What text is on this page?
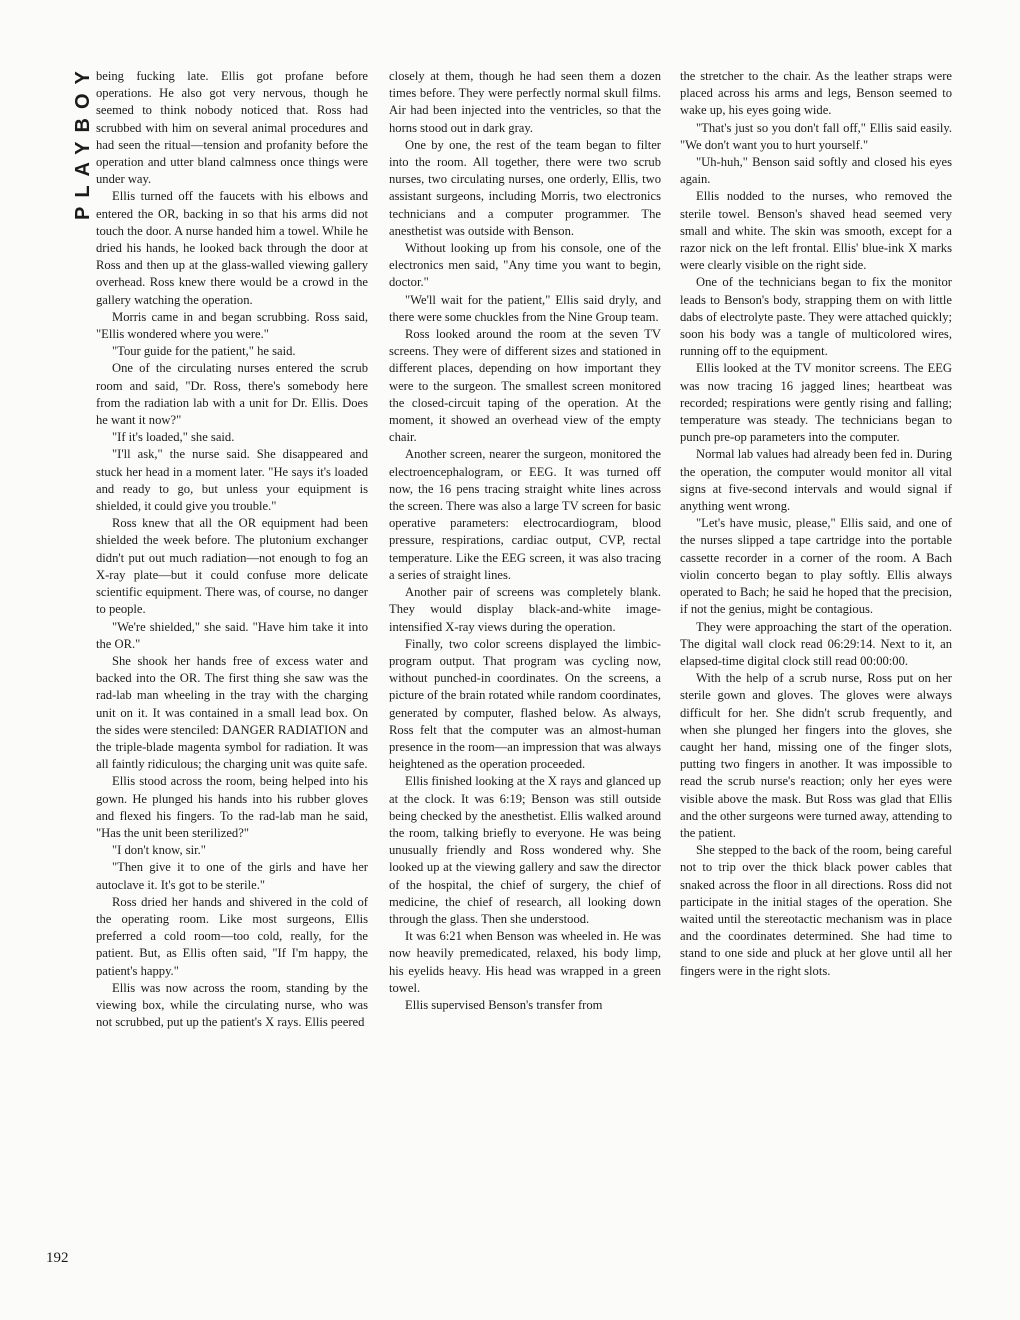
PLAYBOY
192

being fucking late. Ellis got profane before operations. He also got very nervous, though he seemed to think nobody noticed that. Ross had scrubbed with him on several animal procedures and had seen the ritual—tension and profanity before the operation and utter bland calmness once things were under way.

Ellis turned off the faucets with his elbows and entered the OR, backing in so that his arms did not touch the door. A nurse handed him a towel. While he dried his hands, he looked back through the door at Ross and then up at the glass-walled viewing gallery overhead. Ross knew there would be a crowd in the gallery watching the operation.

Morris came in and began scrubbing. Ross said, "Ellis wondered where you were."

"Tour guide for the patient," he said.

One of the circulating nurses entered the scrub room and said, "Dr. Ross, there's somebody here from the radiation lab with a unit for Dr. Ellis. Does he want it now?"

"If it's loaded," she said.

"I'll ask," the nurse said. She disappeared and stuck her head in a moment later. "He says it's loaded and ready to go, but unless your equipment is shielded, it could give you trouble."

Ross knew that all the OR equipment had been shielded the week before. The plutonium exchanger didn't put out much radiation—not enough to fog an X-ray plate—but it could confuse more delicate scientific equipment. There was, of course, no danger to people.

"We're shielded," she said. "Have him take it into the OR."

She shook her hands free of excess water and backed into the OR. The first thing she saw was the rad-lab man wheeling in the tray with the charging unit on it. It was contained in a small lead box. On the sides were stenciled: DANGER RADIATION and the triple-blade magenta symbol for radiation. It was all faintly ridiculous; the charging unit was quite safe.

Ellis stood across the room, being helped into his gown. He plunged his hands into his rubber gloves and flexed his fingers. To the rad-lab man he said, "Has the unit been sterilized?"

"I don't know, sir."

"Then give it to one of the girls and have her autoclave it. It's got to be sterile."

Ross dried her hands and shivered in the cold of the operating room. Like most surgeons, Ellis preferred a cold room—too cold, really, for the patient. But, as Ellis often said, "If I'm happy, the patient's happy."

Ellis was now across the room, standing by the viewing box, while the circulating nurse, who was not scrubbed, put up the patient's X rays. Ellis peered

closely at them, though he had seen them a dozen times before. They were perfectly normal skull films. Air had been injected into the ventricles, so that the horns stood out in dark gray.

One by one, the rest of the team began to filter into the room. All together, there were two scrub nurses, two circulating nurses, one orderly, Ellis, two assistant surgeons, including Morris, two electronics technicians and a computer programmer. The anesthetist was outside with Benson.

Without looking up from his console, one of the electronics men said, "Any time you want to begin, doctor."

"We'll wait for the patient," Ellis said dryly, and there were some chuckles from the Nine Group team.

Ross looked around the room at the seven TV screens. They were of different sizes and stationed in different places, depending on how important they were to the surgeon. The smallest screen monitored the closed-circuit taping of the operation. At the moment, it showed an overhead view of the empty chair.

Another screen, nearer the surgeon, monitored the electroencephalogram, or EEG. It was turned off now, the 16 pens tracing straight white lines across the screen. There was also a large TV screen for basic operative parameters: electrocardiogram, blood pressure, respirations, cardiac output, CVP, rectal temperature. Like the EEG screen, it was also tracing a series of straight lines.

Another pair of screens was completely blank. They would display black-and-white image-intensified X-ray views during the operation.

Finally, two color screens displayed the limbic-program output. That program was cycling now, without punched-in coordinates. On the screens, a picture of the brain rotated while random coordinates, generated by computer, flashed below. As always, Ross felt that the computer was an almost-human presence in the room—an impression that was always heightened as the operation proceeded.

Ellis finished looking at the X rays and glanced up at the clock. It was 6:19; Benson was still outside being checked by the anesthetist. Ellis walked around the room, talking briefly to everyone. He was being unusually friendly and Ross wondered why. She looked up at the viewing gallery and saw the director of the hospital, the chief of surgery, the chief of medicine, the chief of research, all looking down through the glass. Then she understood.

It was 6:21 when Benson was wheeled in. He was now heavily premedicated, relaxed, his body limp, his eyelids heavy. His head was wrapped in a green towel.

Ellis supervised Benson's transfer from

the stretcher to the chair. As the leather straps were placed across his arms and legs, Benson seemed to wake up, his eyes going wide.

"That's just so you don't fall off," Ellis said easily. "We don't want you to hurt yourself."

"Uh-huh," Benson said softly and closed his eyes again.

Ellis nodded to the nurses, who removed the sterile towel. Benson's shaved head seemed very small and white. The skin was smooth, except for a razor nick on the left frontal. Ellis' blue-ink X marks were clearly visible on the right side.

One of the technicians began to fix the monitor leads to Benson's body, strapping them on with little dabs of electrolyte paste. They were attached quickly; soon his body was a tangle of multicolored wires, running off to the equipment.

Ellis looked at the TV monitor screens. The EEG was now tracing 16 jagged lines; heartbeat was recorded; respirations were gently rising and falling; temperature was steady. The technicians began to punch pre-op parameters into the computer.

Normal lab values had already been fed in. During the operation, the computer would monitor all vital signs at five-second intervals and would signal if anything went wrong.

"Let's have music, please," Ellis said, and one of the nurses slipped a tape cartridge into the portable cassette recorder in a corner of the room. A Bach violin concerto began to play softly. Ellis always operated to Bach; he said he hoped that the precision, if not the genius, might be contagious.

They were approaching the start of the operation. The digital wall clock read 06:29:14. Next to it, an elapsed-time digital clock still read 00:00:00.

With the help of a scrub nurse, Ross put on her sterile gown and gloves. The gloves were always difficult for her. She didn't scrub frequently, and when she plunged her fingers into the gloves, she caught her hand, missing one of the finger slots, putting two fingers in another. It was impossible to read the scrub nurse's reaction; only her eyes were visible above the mask. But Ross was glad that Ellis and the other surgeons were turned away, attending to the patient.

She stepped to the back of the room, being careful not to trip over the thick black power cables that snaked across the floor in all directions. Ross did not participate in the initial stages of the operation. She waited until the stereotactic mechanism was in place and the coordinates determined. She had time to stand to one side and pluck at her glove until all her fingers were in the right slots.
